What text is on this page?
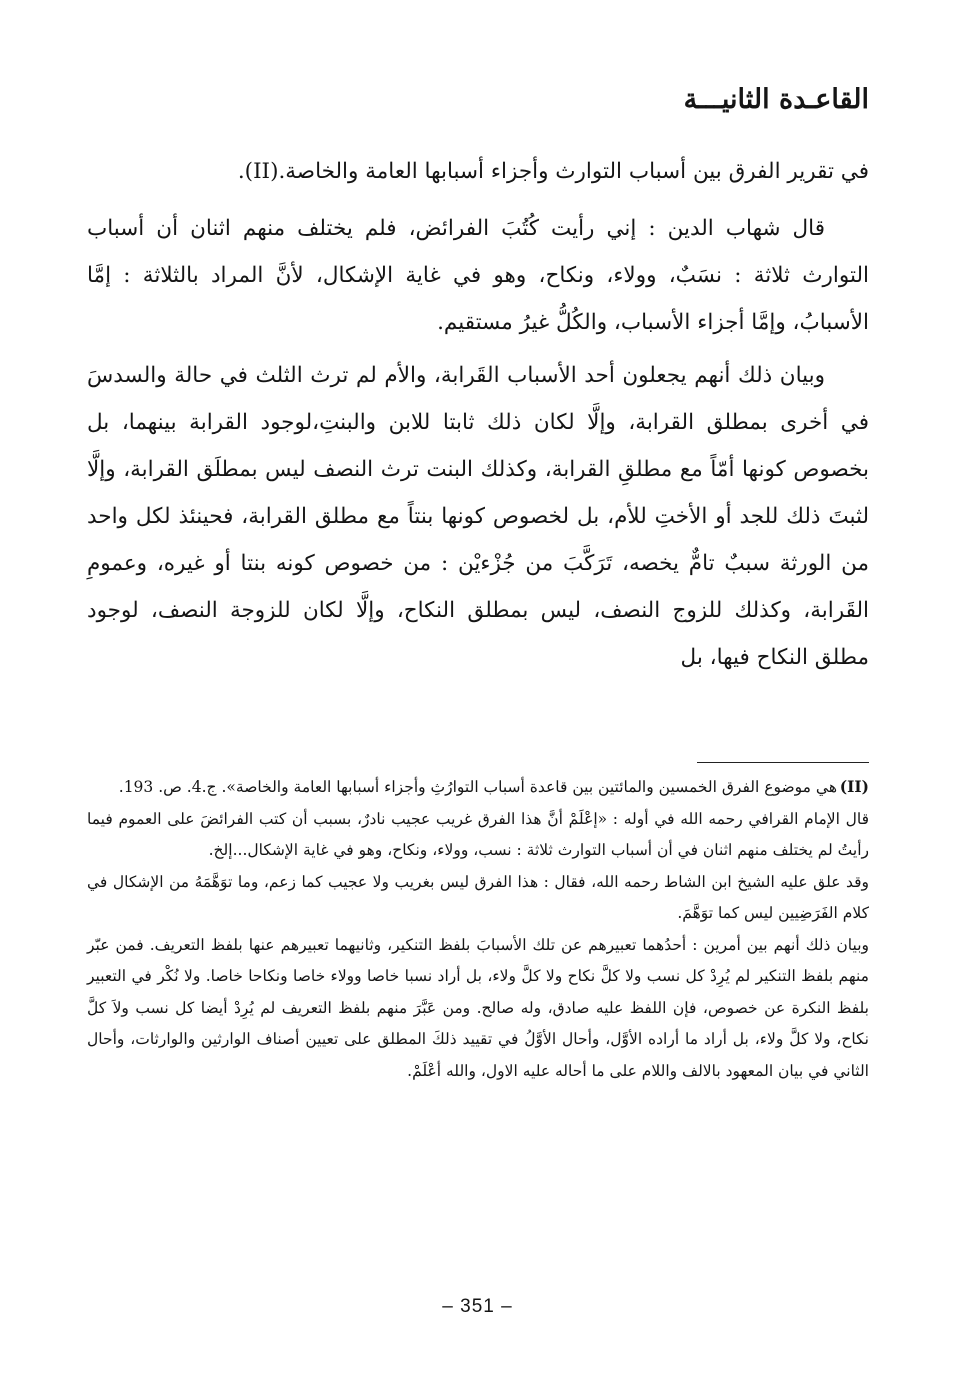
القاعـدة الثانيـــة

في تقرير الفرق بين أسباب التوارث وأجزاء أسبابها العامة والخاصة.(II).

قال شهاب الدين : إني رأيت كُتُبَ الفرائض، فلم يختلف منهم اثنان أن أسباب التوارث ثلاثة : نسَبٌ، وولاء، ونكاح، وهو في غاية الإشكال، لأنَّ المراد بالثلاثة : إمَّا الأسبابُ، وإمَّا أجزاء الأسباب، والكُلُّ غيرُ مستقيم.

وبيان ذلك أنهم يجعلون أحد الأسباب القَرابة، والأم لم ترث الثلث في حالة والسدسَ في أخرى بمطلق القرابة، وإلَّا لكان ذلك ثابتا للابن والبنتِ،لوجود القرابة بينهما، بل بخصوص كونها أمّاً مع مطلقِ القرابة، وكذلك البنت ترث النصف ليس بمطلَق القرابة، وإلَّا لثبتَ ذلك للجد أو الأختِ للأم، بل لخصوص كونها بنتاً مع مطلق القرابة، فحينئذ لكل واحد من الورثة سببٌ تامٌّ يخصه، تَرَكَّبَ من جُزْءيْن : من خصوص كونه بنتا أو غيره، وعمومِ القَرابة، وكذلك للزوج النصف، ليس بمطلق النكاح، وإلَّا لكان للزوجة النصف، لوجود مطلق النكاح فيها، بل

(II)هي موضوع الفرق الخمسين والمائتين بين قاعدة أسباب التوارُثِ وأجزاء أسبابها العامة والخاصة». ج.4. ص. 193.

قال الإمام القرافي رحمه الله في أوله : «إعْلَمْ أنَّ هذا الفرق غريب عجيب نادرٌ، بسبب أن كتب الفرائضَ على العموم فيما رأيتُ لم يختلف منهم اثنان في أن أسباب التوارث ثلاثة : نسب، وولاء، ونكاح، وهو في غاية الإشكال...إلخ.

وقد علق عليه الشيخ ابن الشاط رحمه الله، فقال : هذا الفرق ليس بغريب ولا عجيب كما زعم، وما توَهَّمَهُ من الإشكال في كلام الفَرَضِيين ليس كما توَهَّمَ.

وبيان ذلك أنهم بين أمرين : أحدُهما تعبيرهم عن تلك الأسبابَ بلفظ التنكير، وثانيهما تعبيرهم عنها بلفظ التعريف. فمن عبّر منهم بلفظ التنكير لم يُرِدْ كل نسب ولا كلَّ نكاح ولا كلَّ ولاء، بل أراد نسبا خاصا وولاء خاصا ونكاحا خاصا. ولا نُكْر في التعبير بلفظ النكرة عن خصوص، فإن اللفظ عليه صادق، وله صالح. ومن عَبَّرَ منهم بلفظ التعريف لم يُرِدْ أيضا كل نسب ولاَ كلَّ نكاح، ولا كلَّ ولاء، بل أراد ما أراده الأوَّل، وأحال الأوَّلُ في تقييد ذلكَ المطلق على تعيين أصناف الوارثين والوارثات، وأحال الثاني في بيان المعهود بالالف واللام على ما أحاله عليه الاول، والله أعْلَمْ.

– 351 –
